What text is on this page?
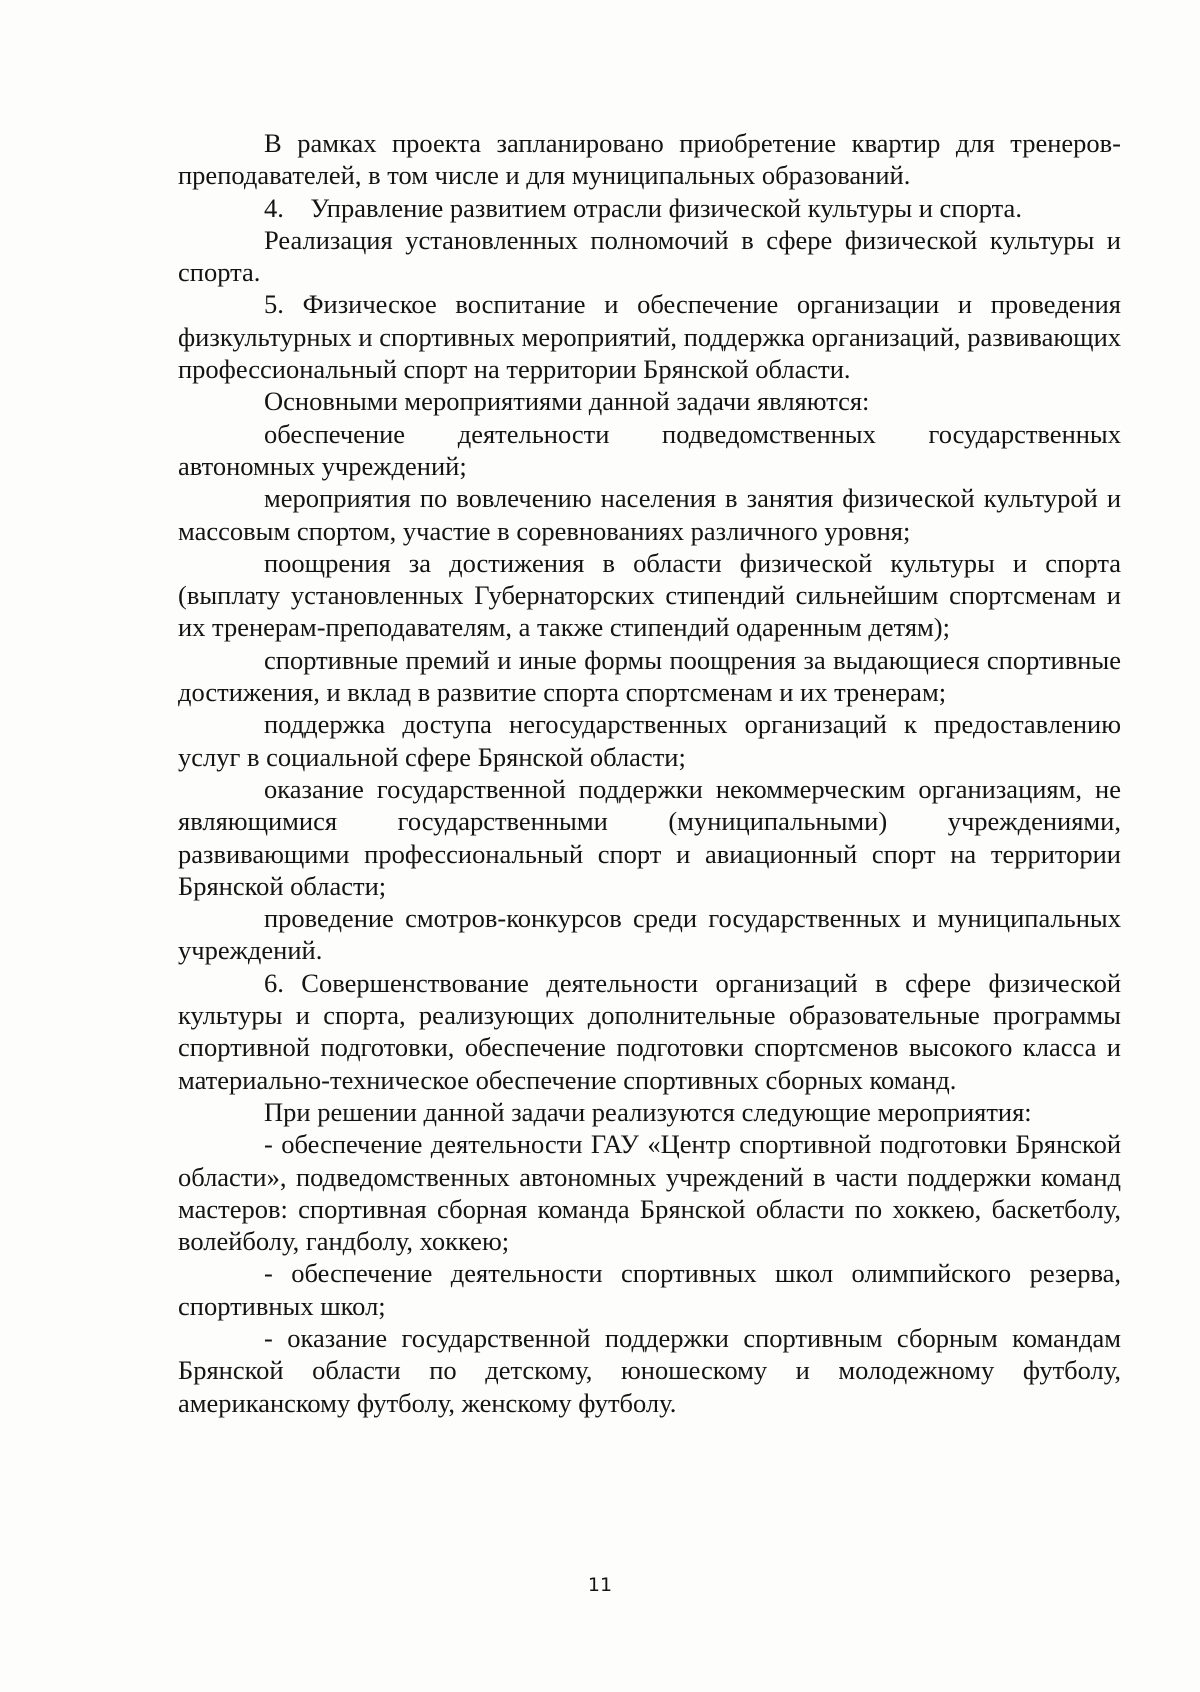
В рамках проекта запланировано приобретение квартир для тренеров-преподавателей, в том числе и для муниципальных образований.

4.    Управление развитием отрасли физической культуры и спорта.

Реализация установленных полномочий в сфере физической культуры и спорта.

5. Физическое воспитание и обеспечение организации и проведения физкультурных и спортивных мероприятий, поддержка организаций, развивающих профессиональный спорт на территории Брянской области.

Основными мероприятиями данной задачи являются:

обеспечение деятельности подведомственных государственных автономных учреждений;

мероприятия по вовлечению населения в занятия физической культурой и массовым спортом, участие в соревнованиях различного уровня;

поощрения за достижения в области физической культуры и спорта (выплату установленных Губернаторских стипендий сильнейшим спортсменам и их тренерам-преподавателям, а также стипендий одаренным детям);

спортивные премий и иные формы поощрения за выдающиеся спортивные достижения, и вклад в развитие спорта спортсменам и их тренерам;

поддержка доступа негосударственных организаций к предоставлению услуг в социальной сфере Брянской области;

оказание государственной поддержки некоммерческим организациям, не являющимися государственными (муниципальными) учреждениями, развивающими профессиональный спорт и авиационный спорт на территории Брянской области;

проведение смотров-конкурсов среди государственных и муниципальных учреждений.

6. Совершенствование деятельности организаций в сфере физической культуры и спорта, реализующих дополнительные образовательные программы спортивной подготовки, обеспечение подготовки спортсменов высокого класса и материально-техническое обеспечение спортивных сборных команд.

При решении данной задачи реализуются следующие мероприятия:

- обеспечение деятельности ГАУ «Центр спортивной подготовки Брянской области», подведомственных автономных учреждений в части поддержки команд мастеров: спортивная сборная команда Брянской области по хоккею, баскетболу, волейболу, гандболу, хоккею;

- обеспечение деятельности спортивных школ олимпийского резерва, спортивных школ;

- оказание государственной поддержки спортивным сборным командам Брянской области по детскому, юношескому и молодежному футболу, американскому футболу, женскому футболу.

11
